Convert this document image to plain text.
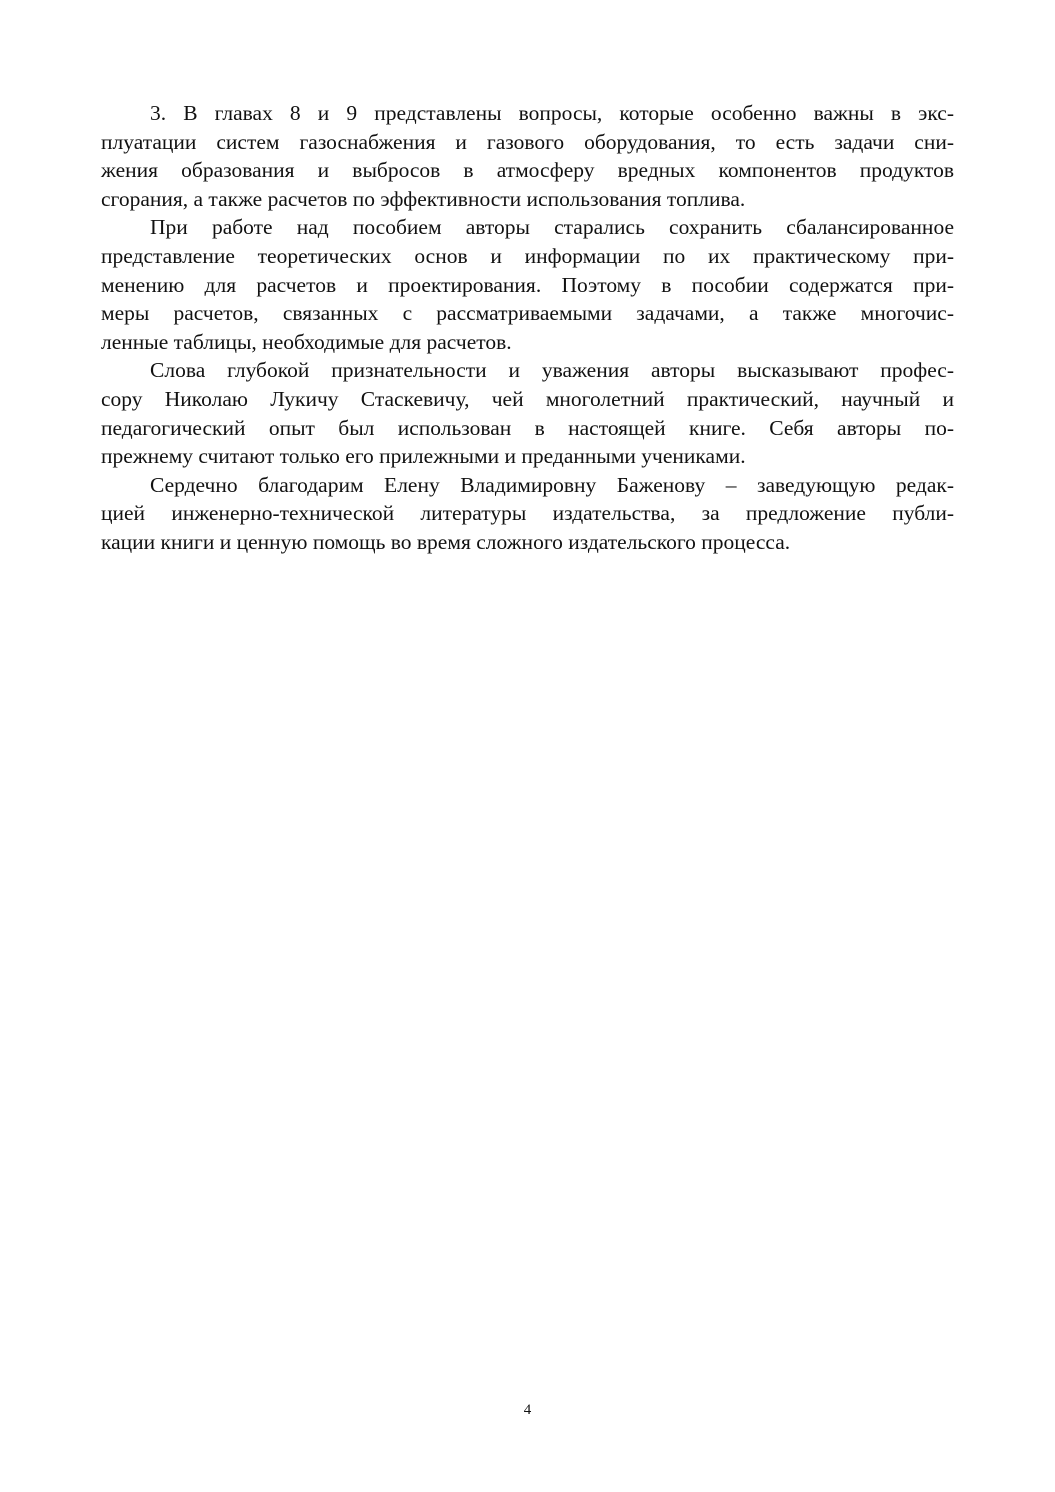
3. В главах 8 и 9 представлены вопросы, которые особенно важны в экс-
плуатации систем газоснабжения и газового оборудования, то есть задачи сни-
жения образования и выбросов в атмосферу вредных компонентов продуктов
сгорания, а также расчетов по эффективности использования топлива.
При работе над пособием авторы старались сохранить сбалансированное
представление теоретических основ и информации по их практическому при-
менению для расчетов и проектирования. Поэтому в пособии содержатся при-
меры расчетов, связанных с рассматриваемыми задачами, а также многочис-
ленные таблицы, необходимые для расчетов.
Слова глубокой признательности и уважения авторы высказывают профес-
сору Николаю Лукичу Стаскевичу, чей многолетний практический, научный и
педагогический опыт был использован в настоящей книге. Себя авторы по-
прежнему считают только его прилежными и преданными учениками.
Сердечно благодарим Елену Владимировну Баженову – заведующую редак-
цией инженерно-технической литературы издательства, за предложение публи-
кации книги и ценную помощь во время сложного издательского процесса.
4
